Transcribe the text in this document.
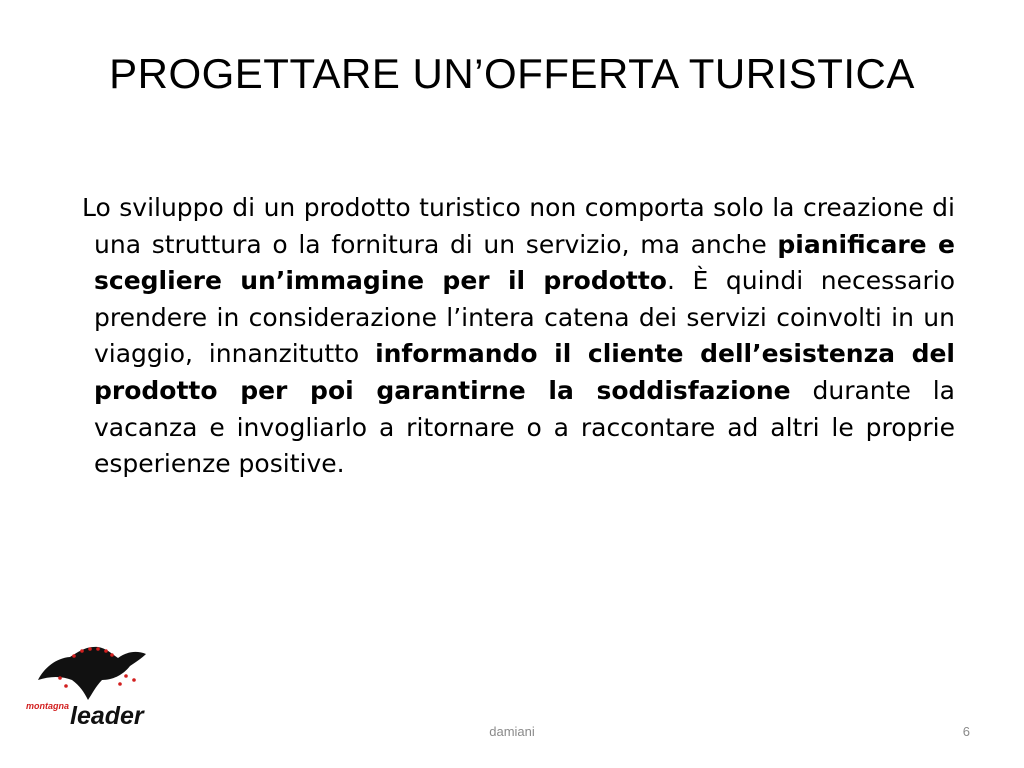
PROGETTARE UN’OFFERTA TURISTICA

Lo sviluppo di un prodotto turistico non comporta solo la creazione di una struttura o la fornitura di un servizio, ma anche pianificare e scegliere un’immagine per il prodotto. È quindi necessario prendere in considerazione l’intera catena dei servizi coinvolti in un viaggio, innanzitutto informando il cliente dell’esistenza del prodotto per poi garantirne la soddisfazione durante la vacanza e invogliarlo a ritornare o a raccontare ad altri le proprie esperienze positive.

montagna leader
damiani	6
